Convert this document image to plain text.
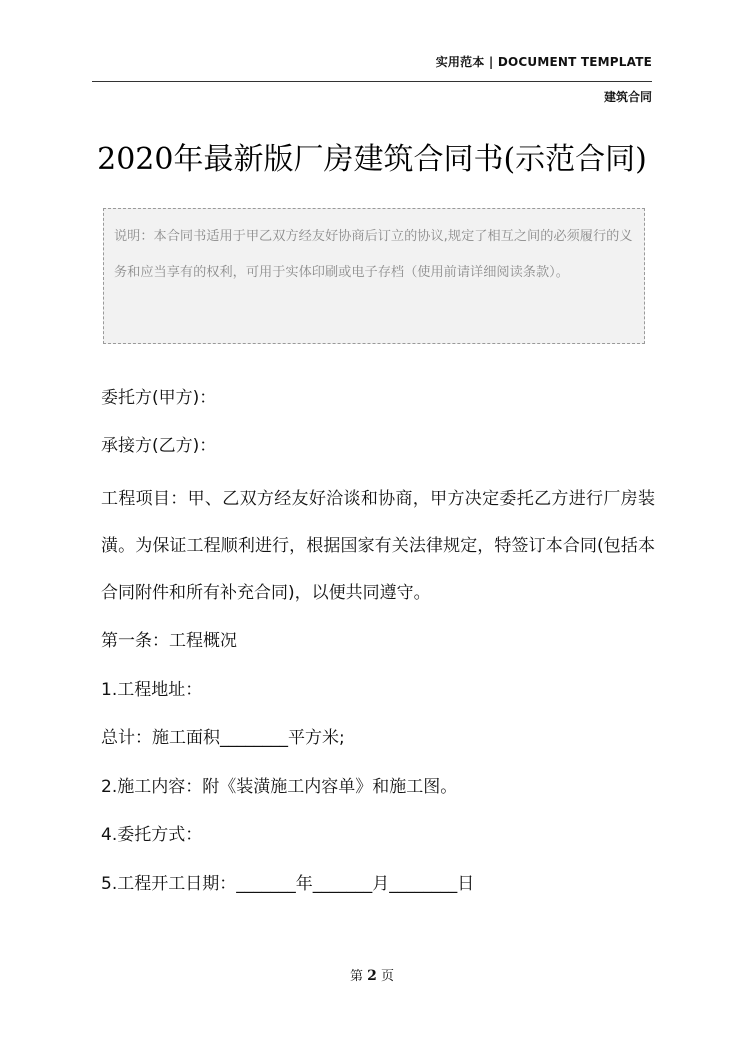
实用范本 | DOCUMENT TEMPLATE
建筑合同
2020年最新版厂房建筑合同书(示范合同)
说明：本合同书适用于甲乙双方经友好协商后订立的协议,规定了相互之间的必须履行的义务和应当享有的权利，可用于实体印刷或电子存档（使用前请详细阅读条款）。
委托方(甲方)：
承接方(乙方)：
工程项目：甲、乙双方经友好洽谈和协商，甲方决定委托乙方进行厂房装潢。为保证工程顺利进行，根据国家有关法律规定，特签订本合同(包括本合同附件和所有补充合同)，以便共同遵守。
第一条：工程概况
1.工程地址：
总计：施工面积________平方米;
2.施工内容：附《装潢施工内容单》和施工图。
4.委托方式：
5.工程开工日期：_______年_______月________日
第 2 页
